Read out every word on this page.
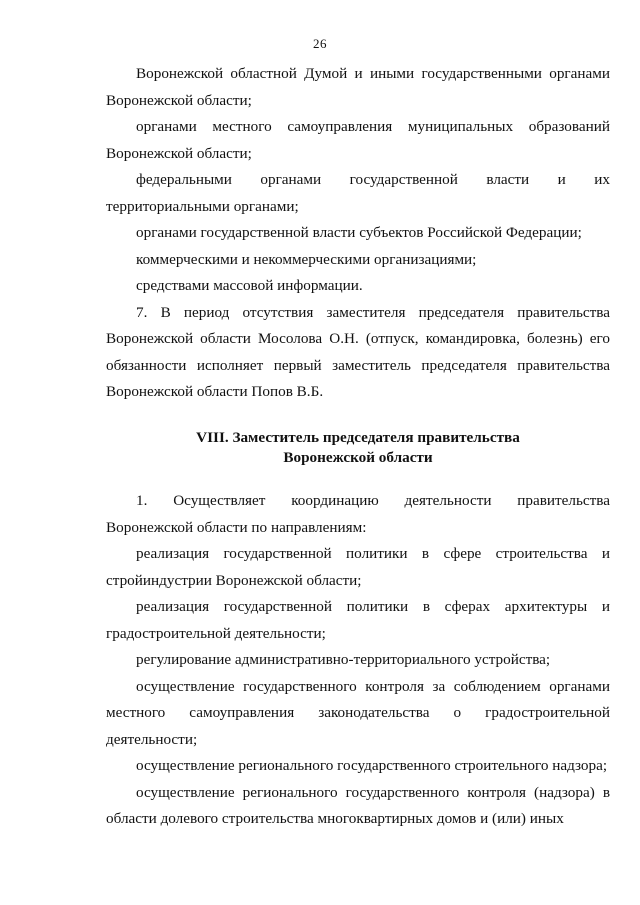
26

Воронежской областной Думой и иными государственными органами Воронежской области;

органами местного самоуправления муниципальных образований Воронежской области;

федеральными органами государственной власти и их территориальными органами;

органами государственной власти субъектов Российской Федерации;

коммерческими и некоммерческими организациями;

средствами массовой информации.

7. В период отсутствия заместителя председателя правительства Воронежской области Мосолова О.Н. (отпуск, командировка, болезнь) его обязанности исполняет первый заместитель председателя правительства Воронежской области Попов В.Б.

VIII. Заместитель председателя правительства
Воронежской области

1. Осуществляет координацию деятельности правительства Воронежской области по направлениям:

реализация государственной политики в сфере строительства и стройиндустрии Воронежской области;

реализация государственной политики в сферах архитектуры и градостроительной деятельности;

регулирование административно-территориального устройства;

осуществление государственного контроля за соблюдением органами местного самоуправления законодательства о градостроительной деятельности;

осуществление регионального государственного строительного надзора;

осуществление регионального государственного контроля (надзора) в области долевого строительства многоквартирных домов и (или) иных
